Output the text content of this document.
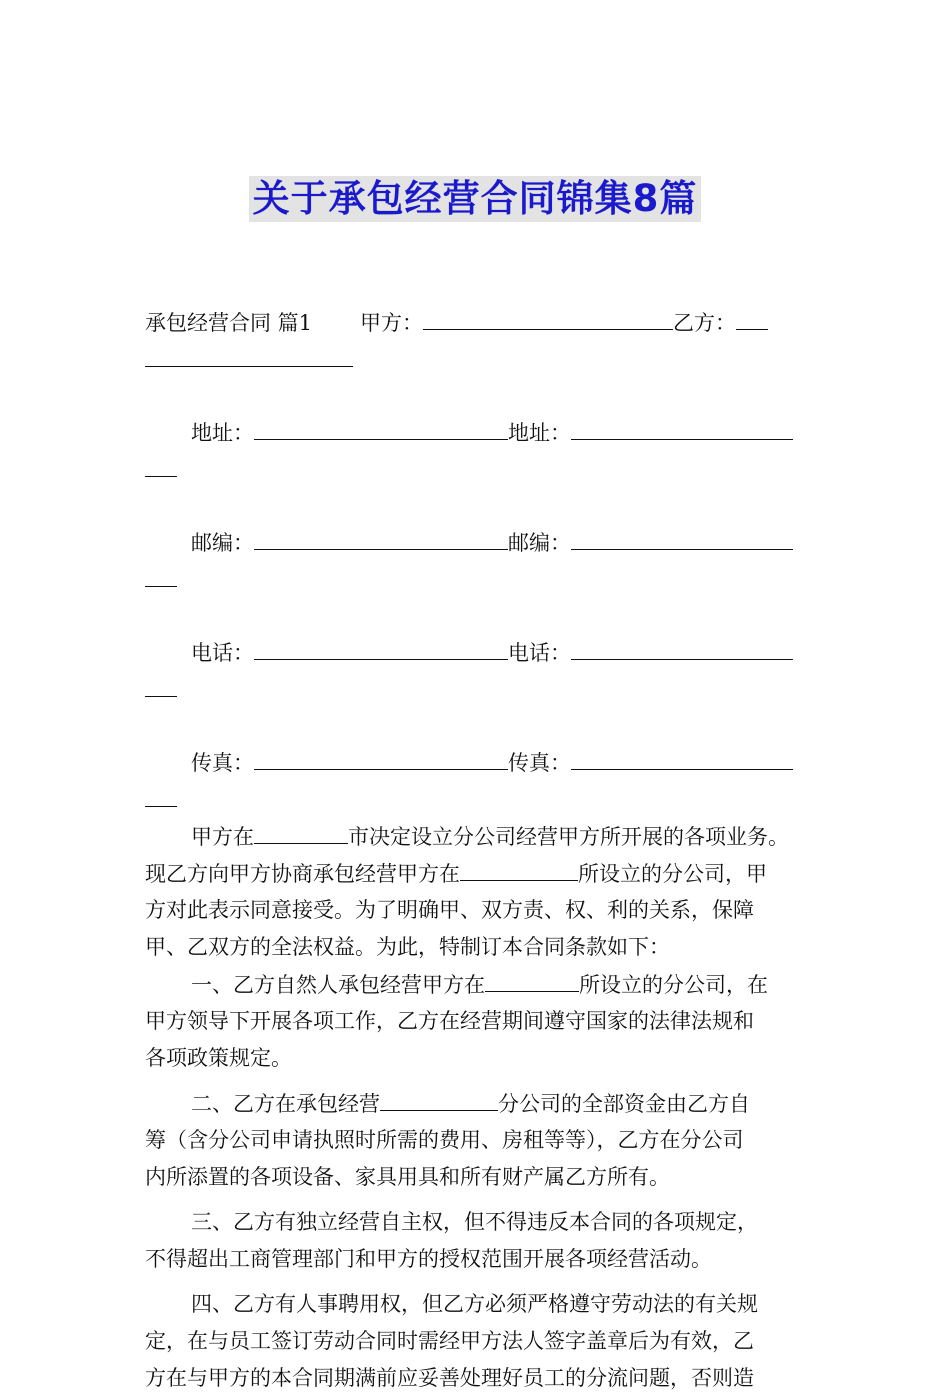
关于承包经营合同锦集8篇
承包经营合同 篇1 甲方：	乙方：
地址：	地址：
邮编：	邮编：
电话：	电话：
传真：	传真：
甲方在	市决定设立分公司经营甲方所开展的各项业务。
现乙方向甲方协商承包经营甲方在	所设立的分公司，甲
方对此表示同意接受。为了明确甲、双方责、权、利的关系，保障
甲、乙双方的全法权益。为此，特制订本合同条款如下：
一、乙方自然人承包经营甲方在	所设立的分公司，在
甲方领导下开展各项工作，乙方在经营期间遵守国家的法律法规和
各项政策规定。
二、乙方在承包经营	分公司的全部资金由乙方自
筹（含分公司申请执照时所需的费用、房租等等），乙方在分公司
内所添置的各项设备、家具用具和所有财产属乙方所有。
三、乙方有独立经营自主权，但不得违反本合同的各项规定，
不得超出工商管理部门和甲方的授权范围开展各项经营活动。
四、乙方有人事聘用权，但乙方必须严格遵守劳动法的有关规
定，在与员工签订劳动合同时需经甲方法人签字盖章后为有效，乙
方在与甲方的本合同期满前应妥善处理好员工的分流问题，否则造
